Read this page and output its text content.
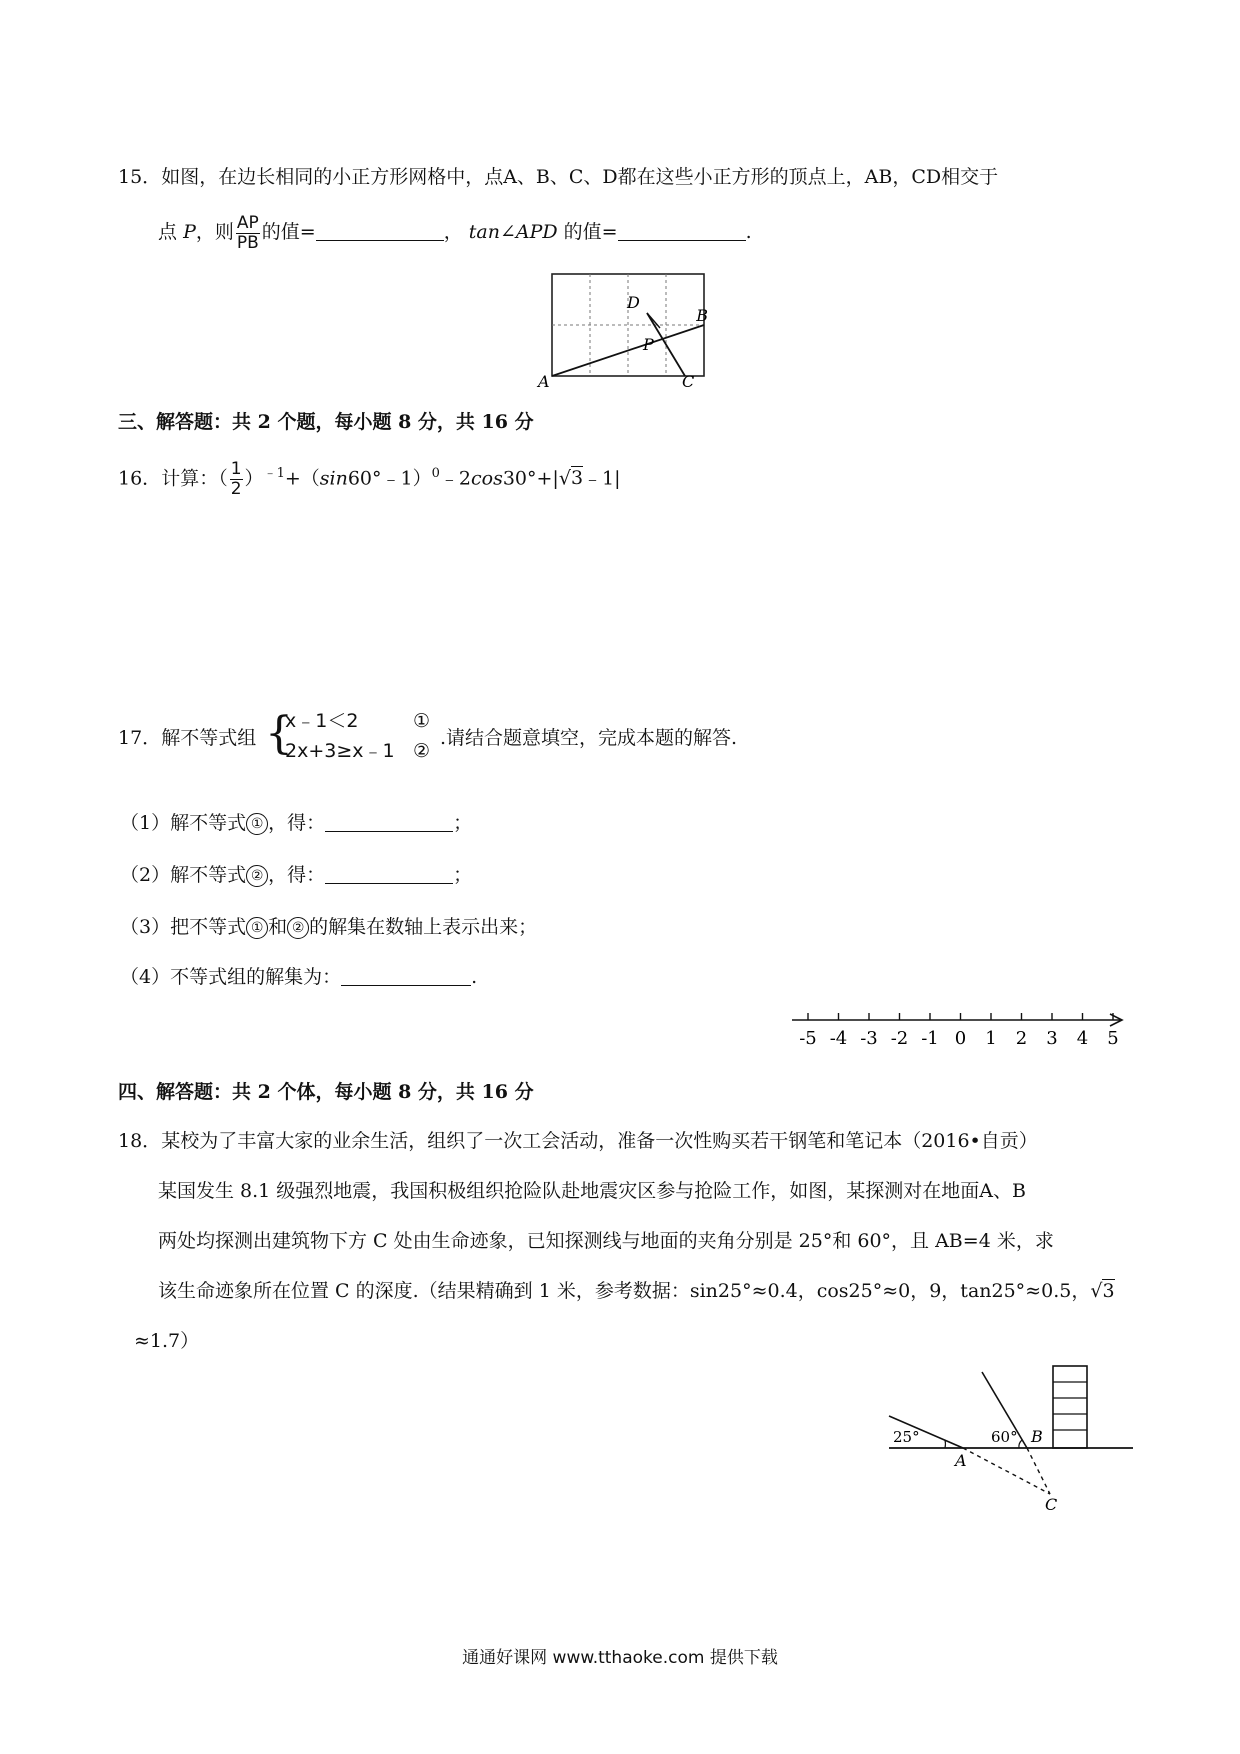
15．如图，在边长相同的小正方形网格中，点A、B、C、D都在这些小正方形的顶点上，AB，CD相交于
点 P，则 $\frac{AP}{PB}$ 的值=	， tan∠APD 的值=	.
A
B
C
D
P
三、解答题：共 2 个题，每小题 8 分，共 16 分
16．计算：（ $\frac{1}{2}$ ）$^{﹣1}$+（sin60°﹣1）$^0$﹣2cos30°+|√3﹣1|
17．解不等式组 {
x﹣1＜2	①
2x+3≥x﹣1 ②
.请结合题意填空，完成本题的解答.
（1）解不等式 ① ，得：	；
（2）解不等式 ② ，得：	；
（3）把不等式 ① 和 ② 的解集在数轴上表示出来；
（4）不等式组的解集为：	.
-5 -4 -3 -2 -1 0 1 2 3 4 5
四、解答题：共 2 个体，每小题 8 分，共 16 分
18．某校为了丰富大家的业余生活，组织了一次工会活动，准备一次性购买若干钢笔和笔记本（2016•自贡）
某国发生 8.1 级强烈地震，我国积极组织抢险队赴地震灾区参与抢险工作，如图，某探测对在地面A、B
两处均探测出建筑物下方 C 处由生命迹象，已知探测线与地面的夹角分别是 25°和 60°，且 AB=4 米，求
该生命迹象所在位置 C 的深度.（结果精确到 1 米，参考数据：sin25°≈0.4，cos25°≈0，9，tan25°≈0.5，√3
≈1.7）
25°	60°
A
B
C
通通好课网 www.tthaoke.com 提供下载
